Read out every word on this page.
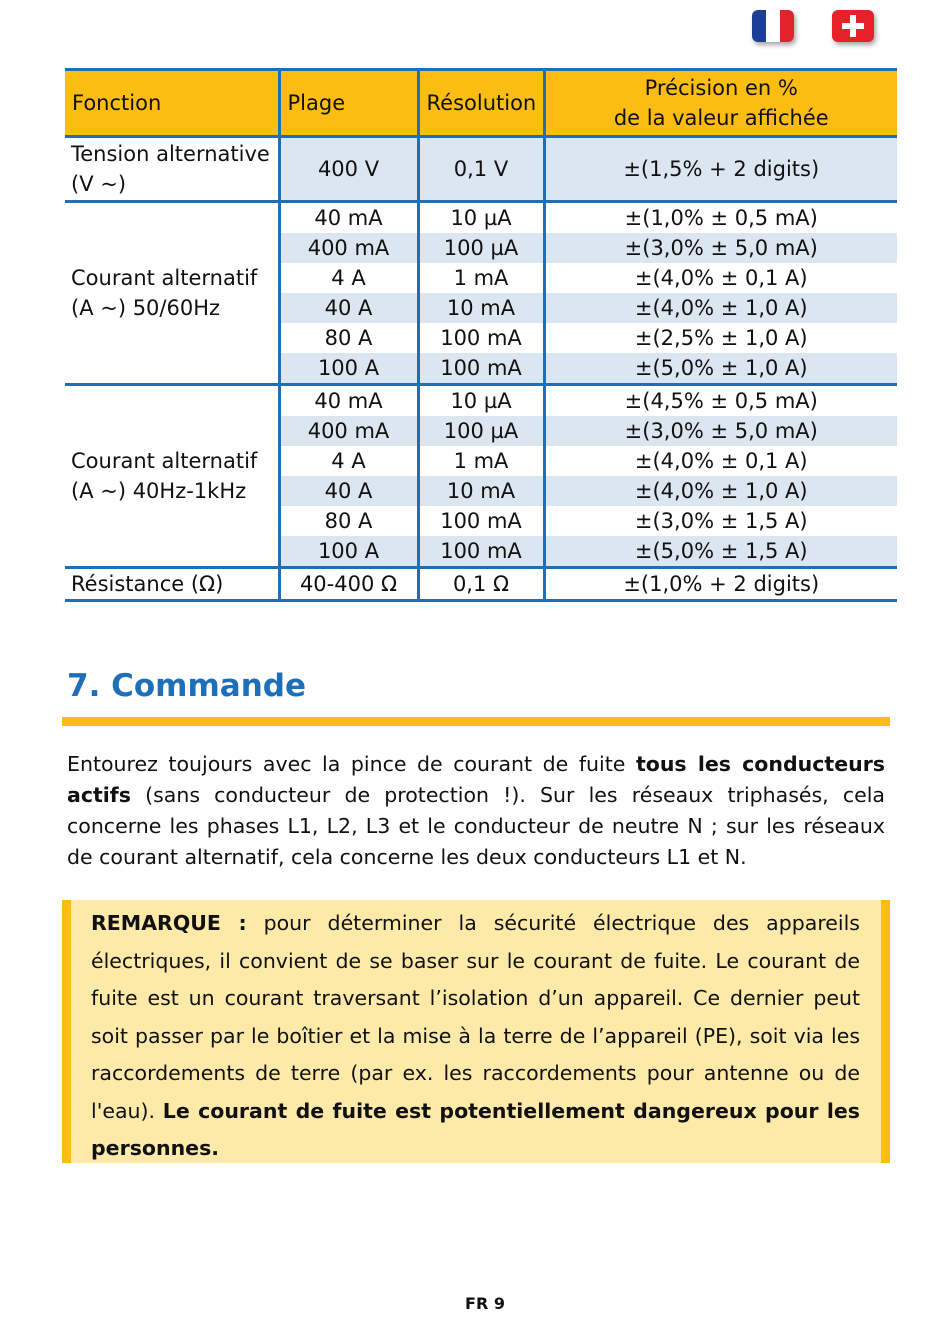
Fonction	Plage	Résolution	Précision en %
de la valeur affichée
Tension alternative
(V ~)	400 V	0,1 V	±(1,5% + 2 digits)
Courant alternatif
(A ~) 50/60Hz	40 mA	10 µA	±(1,0% ± 0,5 mA)
	400 mA	100 µA	±(3,0% ± 5,0 mA)
	4 A	1 mA	±(4,0% ± 0,1 A)
	40 A	10 mA	±(4,0% ± 1,0 A)
	80 A	100 mA	±(2,5% ± 1,0 A)
	100 A	100 mA	±(5,0% ± 1,0 A)
Courant alternatif
(A ~) 40Hz-1kHz	40 mA	10 µA	±(4,5% ± 0,5 mA)
	400 mA	100 µA	±(3,0% ± 5,0 mA)
	4 A	1 mA	±(4,0% ± 0,1 A)
	40 A	10 mA	±(4,0% ± 1,0 A)
	80 A	100 mA	±(3,0% ± 1,5 A)
	100 A	100 mA	±(5,0% ± 1,5 A)
Résistance (Ω)	40-400 Ω	0,1 Ω	±(1,0% + 2 digits)
7. Commande

Entourez toujours avec la pince de courant de fuite tous les conducteurs actifs (sans conducteur de protection !). Sur les réseaux triphasés, cela concerne les phases L1, L2, L3 et le conducteur de neutre N ; sur les réseaux de courant alternatif, cela concerne les deux conducteurs L1 et N.

REMARQUE : pour déterminer la sécurité électrique des appareils électriques, il convient de se baser sur le courant de fuite. Le courant de fuite est un courant traversant l’isolation d’un appareil. Ce dernier peut soit passer par le boîtier et la mise à la terre de l’appareil (PE), soit via les raccordements de terre (par ex. les raccordements pour antenne ou de l'eau). Le courant de fuite est potentiellement dangereux pour les personnes.

FR 9
